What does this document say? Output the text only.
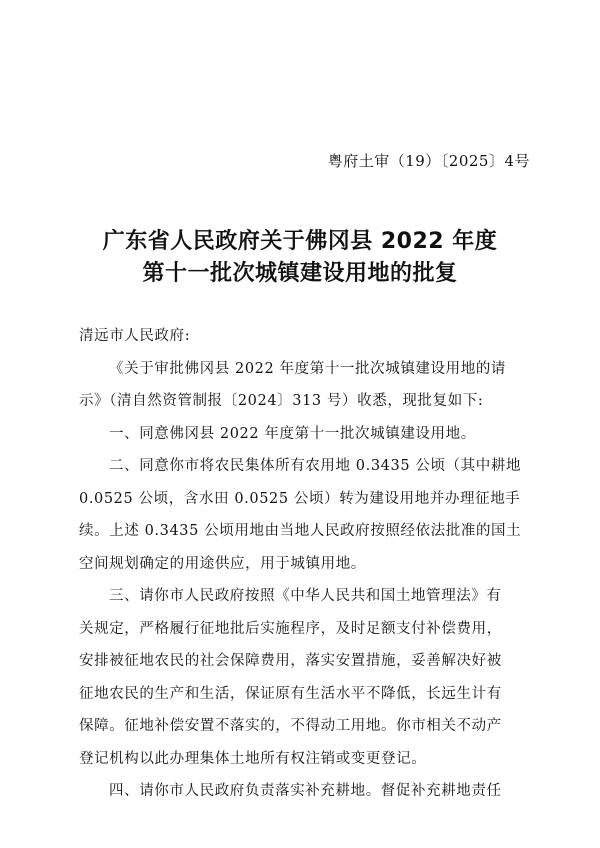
粤府土审（19）〔2025〕4号
广东省人民政府关于佛冈县 2022 年度
第十一批次城镇建设用地的批复
清远市人民政府:
《关于审批佛冈县 2022 年度第十一批次城镇建设用地的请
示》（清自然资管制报〔2024〕313 号）收悉，现批复如下:
一、同意佛冈县 2022 年度第十一批次城镇建设用地。
二、同意你市将农民集体所有农用地 0.3435 公顷（其中耕地
0.0525 公顷，含水田 0.0525 公顷）转为建设用地并办理征地手
续。上述 0.3435 公顷用地由当地人民政府按照经依法批准的国土
空间规划确定的用途供应，用于城镇用地。
三、请你市人民政府按照《中华人民共和国土地管理法》有
关规定，严格履行征地批后实施程序，及时足额支付补偿费用，
安排被征地农民的社会保障费用，落实安置措施，妥善解决好被
征地农民的生产和生活，保证原有生活水平不降低，长远生计有
保障。征地补偿安置不落实的，不得动工用地。你市相关不动产
登记机构以此办理集体土地所有权注销或变更登记。
四、请你市人民政府负责落实补充耕地。督促补充耕地责任
